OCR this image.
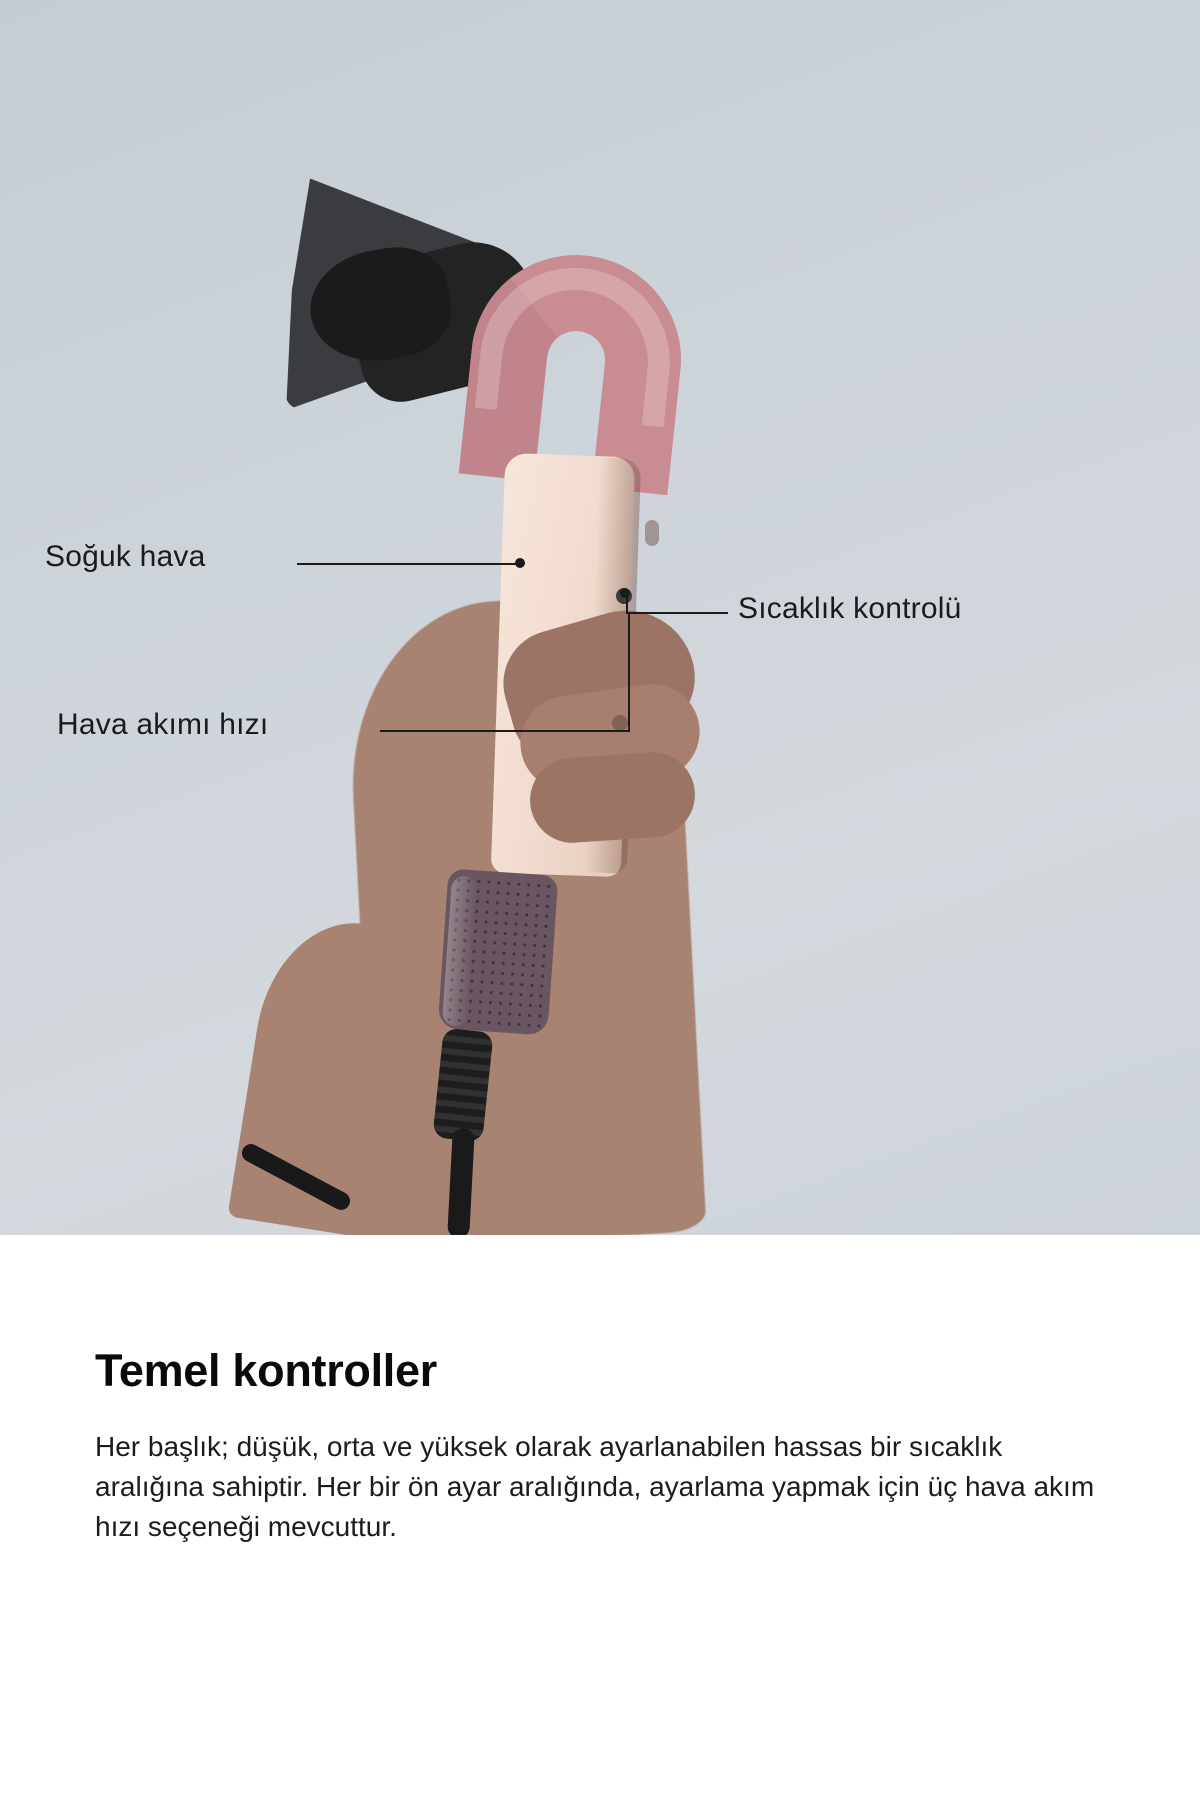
Soğuk hava
Sıcaklık kontrolü
Hava akımı hızı
Temel kontroller

Her başlık; düşük, orta ve yüksek olarak ayarlanabilen hassas bir sıcaklık aralığına sahiptir. Her bir ön ayar aralığında, ayarlama yapmak için üç hava akım hızı seçeneği mevcuttur.
